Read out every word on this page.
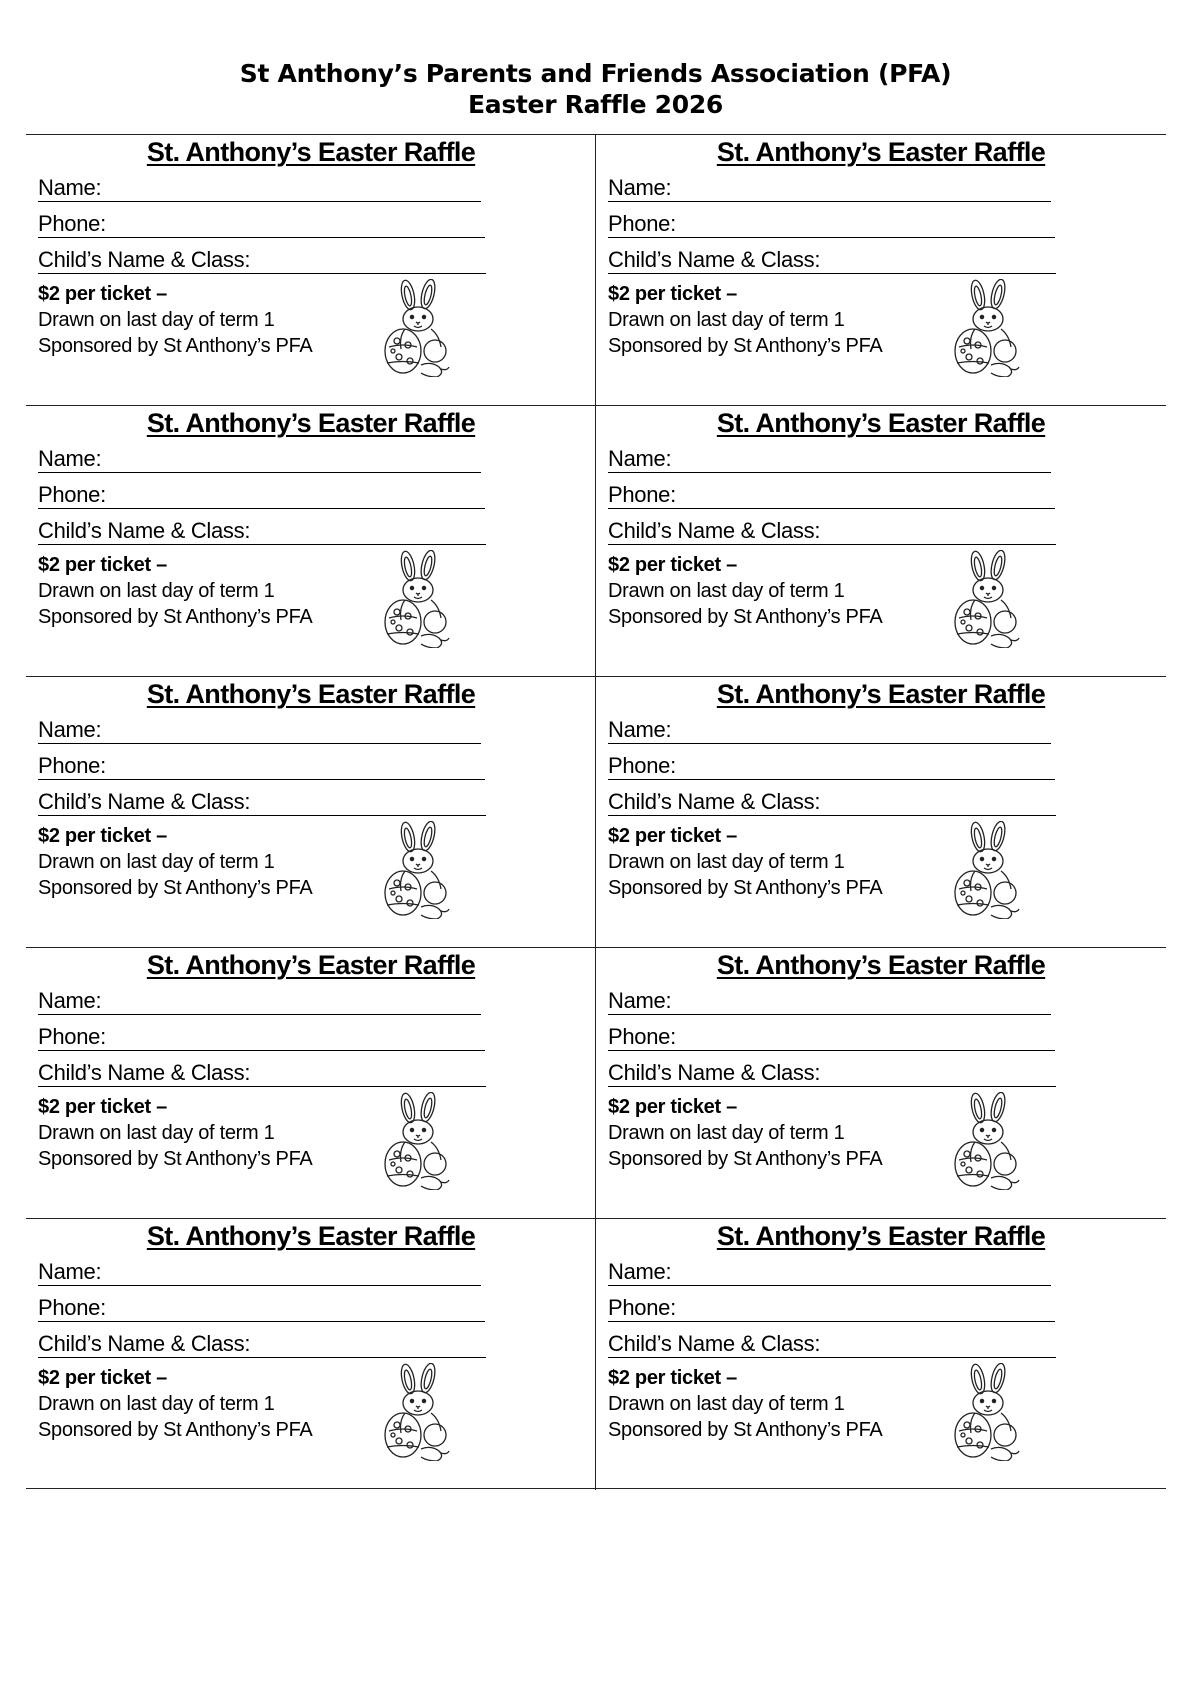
St Anthony’s Parents and Friends Association (PFA)
Easter Raffle 2026
St. Anthony’s Easter Raffle
Name:
Phone:
Child’s Name & Class:
$2 per ticket –
Drawn on last day of term 1
Sponsored by St Anthony’s PFA
St. Anthony’s Easter Raffle
Name:
Phone:
Child’s Name & Class:
$2 per ticket –
Drawn on last day of term 1
Sponsored by St Anthony’s PFA
St. Anthony’s Easter Raffle
Name:
Phone:
Child’s Name & Class:
$2 per ticket –
Drawn on last day of term 1
Sponsored by St Anthony’s PFA
St. Anthony’s Easter Raffle
Name:
Phone:
Child’s Name & Class:
$2 per ticket –
Drawn on last day of term 1
Sponsored by St Anthony’s PFA
St. Anthony’s Easter Raffle
Name:
Phone:
Child’s Name & Class:
$2 per ticket –
Drawn on last day of term 1
Sponsored by St Anthony’s PFA
St. Anthony’s Easter Raffle
Name:
Phone:
Child’s Name & Class:
$2 per ticket –
Drawn on last day of term 1
Sponsored by St Anthony’s PFA
St. Anthony’s Easter Raffle
Name:
Phone:
Child’s Name & Class:
$2 per ticket –
Drawn on last day of term 1
Sponsored by St Anthony’s PFA
St. Anthony’s Easter Raffle
Name:
Phone:
Child’s Name & Class:
$2 per ticket –
Drawn on last day of term 1
Sponsored by St Anthony’s PFA
St. Anthony’s Easter Raffle
Name:
Phone:
Child’s Name & Class:
$2 per ticket –
Drawn on last day of term 1
Sponsored by St Anthony’s PFA
St. Anthony’s Easter Raffle
Name:
Phone:
Child’s Name & Class:
$2 per ticket –
Drawn on last day of term 1
Sponsored by St Anthony’s PFA
